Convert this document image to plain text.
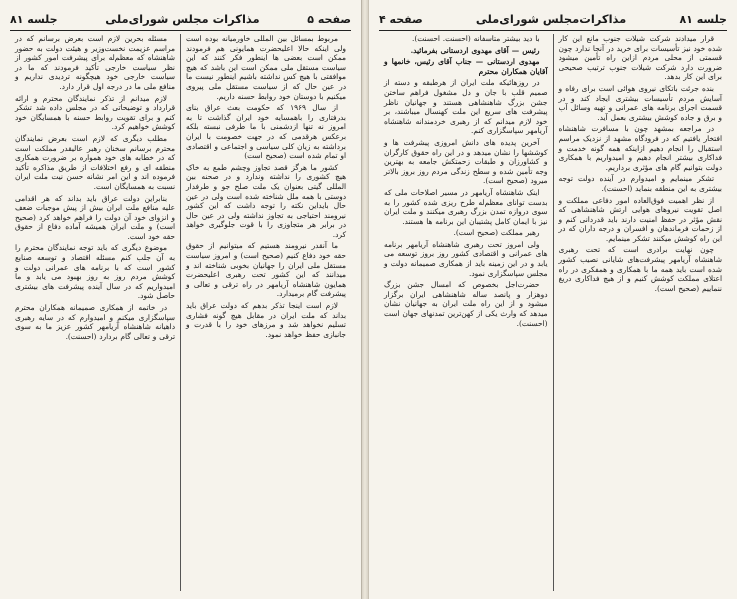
صفحه ۵
مذاکرات مجلس شورای‌ملی
جلسه ۸۱

مربوط بمسائل بین المللی خاورمیانه بوده است ولی اینکه حالا اعلیحضرت همایونی هم فرمودند ممکن است بعضی ها اینطور فکر کنند که این سیاست مستقل ملی ممکن است این باشد که هیچ موافقتی با هیچ کس نداشته باشیم اینطور نیست ما در عین حال که از سیاست مستقل ملی پیروی میکنیم با دوستان خود روابط حسنه داریم.

از سال ۱۹۶۹ که حکومت بعث عراق بنای بدرفتاری را باهمسایه خود ایران گذاشت تا به امروز نه تنها ازدشمنی با ما طرفی نبسته بلکه برعکس هرقدمی که در جهت خصومت با ایران برداشته به زیان کلی سیاسی و اجتماعی و اقتصادی او تمام شده است (صحیح است)

کشور ما هرگز قصد تجاوز وچشم طمع به خاک هیچ کشوری را نداشته وندارد و در صحنه بین المللی گیتی بعنوان یک ملت صلح جو و طرفدار دوستی با همه ملل شناخته شده است ولی در عین حال بایداین نکته را توجه داشت که این کشور نیرومند احتیاجی به تجاوز نداشته ولی در عین حال در برابر هر متجاوزی را با قوت جلوگیری خواهد کرد.

ما آنقدر نیرومند هستیم که میتوانیم از حقوق حقه خود دفاع کنیم (صحیح است) و امروز سیاست مستقل ملی ایران را جهانیان بخوبی شناخته اند و میدانند که این کشور تحت رهبری اعلیحضرت همایون شاهنشاه آریامهر در راه ترقی و تعالی و پیشرفت گام برمیدارد.

لازم است اینجا تذکر بدهم که دولت عراق باید بداند که ملت ایران در مقابل هیچ گونه فشاری تسلیم نخواهد شد و مرزهای خود را با قدرت و جانبازی حفظ خواهد نمود.

مسئله بحرین لازم است بعرض برسانم که در مراسم عزیمت نخست‌وزیر و هیئت دولت به حضور شاهنشاه که معظم‌له برای پیشرفت امور کشور از نظر سیاست خارجی تأکید فرمودند که ما در سیاست خارجی خود هیچگونه تردیدی نداریم و منافع ملی ما در درجه اول قرار دارد.

لازم میدانم از تذکر نمایندگان محترم و ارائه قرارداد و توضیحاتی که در مجلس داده شد تشکر کنم و برای تقویت روابط حسنه با همسایگان خود کوشش خواهیم کرد.

مطلب دیگری که لازم است بعرض نمایندگان محترم برسانم سخنان رهبر عالیقدر مملکت است که در خطابه های خود همواره بر ضرورت همکاری منطقه ای و رفع اختلافات از طریق مذاکره تأکید فرموده اند و این امر نشانه حسن نیت ملت ایران نسبت به همسایگان است.

بنابراین دولت عراق باید بداند که هر اقدامی علیه منافع ملت ایران بیش از پیش موجبات ضعف و انزوای خود آن دولت را فراهم خواهد کرد (صحیح است) و ملت ایران همیشه آماده دفاع از حقوق حقه خود است.

موضوع دیگری که باید توجه نمایندگان محترم را به آن جلب کنم مسئله اقتصاد و توسعه صنایع کشور است که با برنامه های عمرانی دولت و کوشش مردم روز به روز بهبود می یابد و ما امیدواریم که در سال آینده پیشرفت های بیشتری حاصل شود.

در خاتمه از همکاری صمیمانه همکاران محترم سپاسگزاری میکنم و امیدوارم که در سایه رهبری داهیانه شاهنشاه آریامهر کشور عزیز ما به سوی ترقی و تعالی گام بردارد (احسنت).

جلسه ۸۱
مذاکرات‌مجلس شورای‌ملی
صفحه ۴

قرار میدادند شرکت شیلات جنوب مانع این کار شده خود نیز تأسیسات برای خرید در آنجا ندارد چون قسمتی از محلی مردم ازاین راه تأمین میشود ضرورت دارد شرکت شیلات جنوب ترتیب صحیحی برای این کار بدهد.

بنده جرئت باتکای نیروی هوائی است برای رفاه و آسایش مردم تأسیسات بیشتری ایجاد کند و در قسمت اجرای برنامه های عمرانی و تهیه وسائل آب و برق و جاده کوشش بیشتری بعمل آید.

در مراجعه بمشهد چون با مسافرت شاهنشاه افتخار یافتیم که در فرودگاه مشهد از نزدیک مراسم استقبال را انجام دهیم ازاینکه همه گونه خدمت و فداکاری بیشتر انجام دهیم و امیدواریم با همکاری دولت بتوانیم گام های مؤثری برداریم.

تشکر مینمایم و امیدوارم در آینده دولت توجه بیشتری به این منطقه بنماید (احسنت).

از نظر اهمیت فوق‌العاده امور دفاعی مملکت و اصل تقویت نیروهای هوایی ارتش شاهنشاهی که نقش مؤثر در حفظ امنیت دارند باید قدردانی کنم و از زحمات فرماندهان و افسران و درجه داران که در این راه کوشش میکنند تشکر مینمایم.

چون نهایت برادری است که تحت رهبری شاهنشاه آریامهر پیشرفت‌های شایانی نصیب کشور شده است باید همه ما با همکاری و همفکری در راه اعتلای مملکت کوشش کنیم و از هیچ فداکاری دریغ ننماییم (صحیح است).

با دید بیشتر متاسفانه (احسنت. احسنت).

رئیس — آقای مهدوی اردستانی بفرمائید.

مهدوی اردستانی — جناب آقای رئیس، خانمها و آقایان همکاران محترم

در روزهائیکه ملت ایران از هرطبقه و دسته از صمیم قلب با جان و دل مشغول فراهم ساختن جشن بزرگ شاهنشاهی هستند و جهانیان ناظر پیشرفت های سریع این ملت کهنسال میباشند، بر خود لازم میدانم که از رهبری خردمندانه شاهنشاه آریامهر سپاسگزاری کنم.

آخرین پدیده های دانش امروزی پیشرفت ها و کوششها را نشان میدهد و در این راه حقوق کارگران و کشاورزان و طبقات زحمتکش جامعه به بهترین وجه تأمین شده و سطح زندگی مردم روز بروز بالاتر میرود (صحیح است).

اینک شاهنشاه آریامهر در مسیر اصلاحات ملی که بدست توانای معظم‌له طرح ریزی شده کشور را به سوی دروازه تمدن بزرگ رهبری میکنند و ملت ایران نیز با ایمان کامل پشتیبان این برنامه ها هستند.

رهبر مملکت (صحیح است).

ولی امروز تحت رهبری شاهنشاه آریامهر برنامه های عمرانی و اقتصادی کشور روز بروز توسعه می یابد و در این زمینه باید از همکاری صمیمانه دولت و مجلس سپاسگزاری نمود.

حضرت‌اجل بخصوص که امسال جشن بزرگ دوهزار و پانصد ساله شاهنشاهی ایران برگزار میشود و از این راه ملت ایران به جهانیان نشان میدهد که وارث یکی از کهن‌ترین تمدنهای جهان است (احسنت).
